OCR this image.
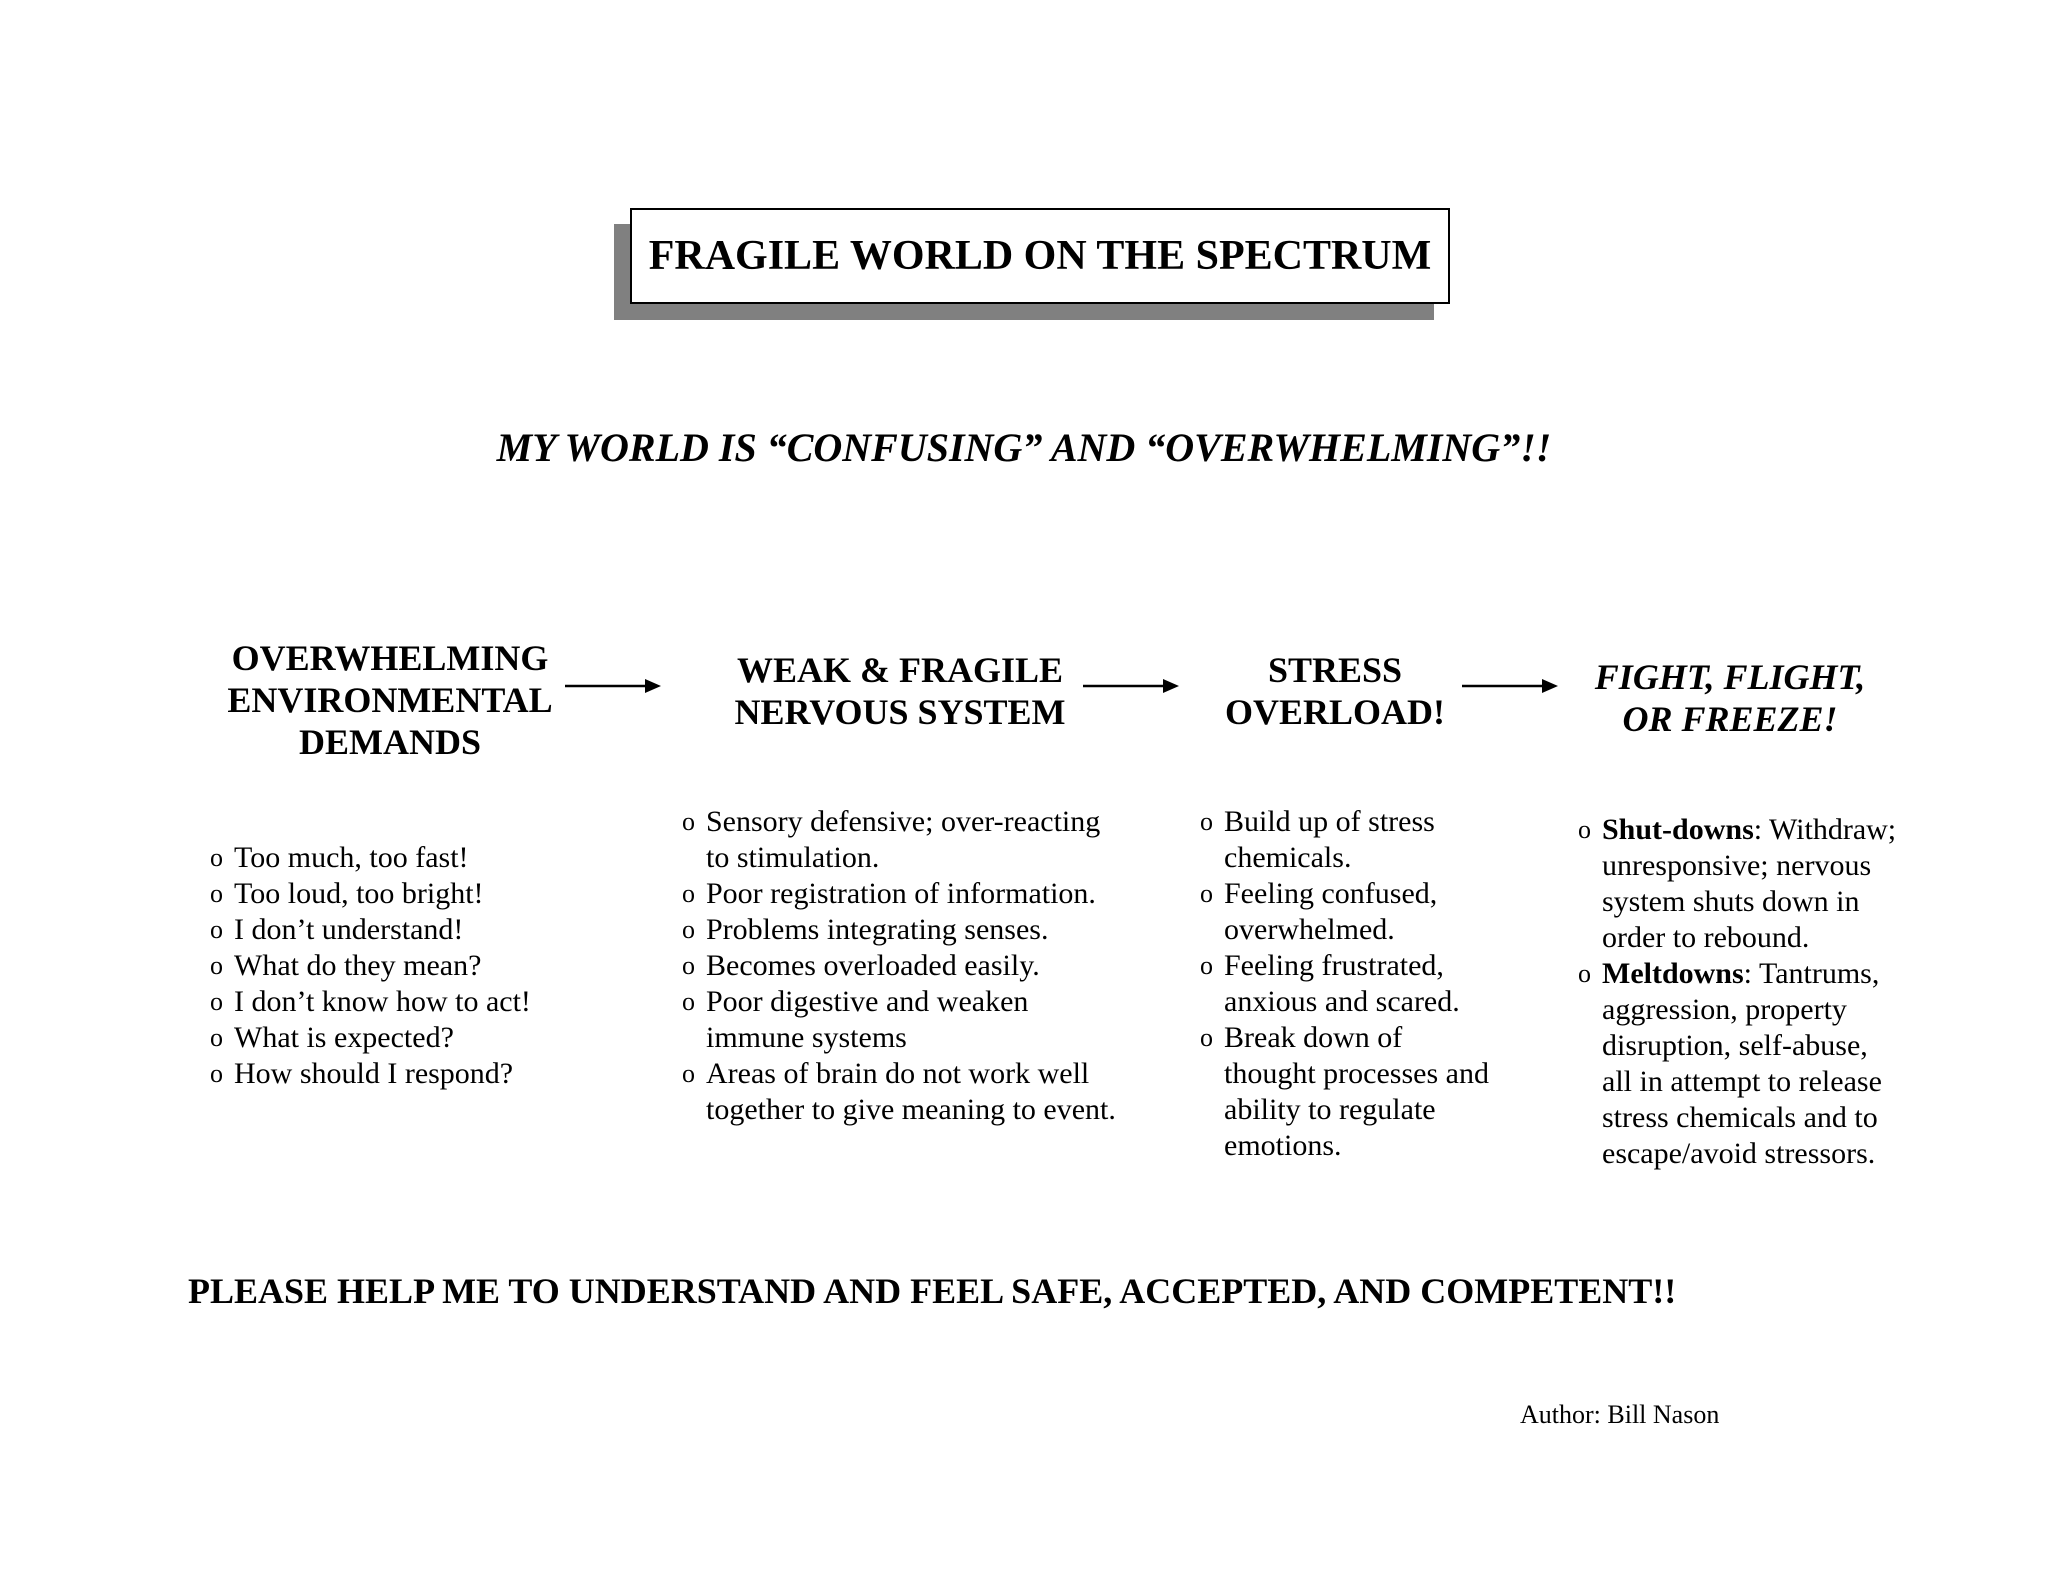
FRAGILE WORLD ON THE SPECTRUM
MY WORLD IS “CONFUSING” AND “OVERWHELMING”!!
OVERWHELMING
ENVIRONMENTAL
DEMANDS
WEAK & FRAGILE
NERVOUS SYSTEM
STRESS
OVERLOAD!
FIGHT, FLIGHT,
OR FREEZE!
o Too much, too fast!
o Too loud, too bright!
o I don’t understand!
o What do they mean?
o I don’t know how to act!
o What is expected?
o How should I respond?
o Sensory defensive; over-reacting
to stimulation.
o Poor registration of information.
o Problems integrating senses.
o Becomes overloaded easily.
o Poor digestive and weaken
immune systems
o Areas of brain do not work well
together to give meaning to event.
o Build up of stress
chemicals.
o Feeling confused,
overwhelmed.
o Feeling frustrated,
anxious and scared.
o Break down of
thought processes and
ability to regulate
emotions.
o Shut-downs: Withdraw;
unresponsive; nervous
system shuts down in
order to rebound.
o Meltdowns: Tantrums,
aggression, property
disruption, self-abuse,
all in attempt to release
stress chemicals and to
escape/avoid stressors.
PLEASE HELP ME TO UNDERSTAND AND FEEL SAFE, ACCEPTED, AND COMPETENT!!
Author: Bill Nason
